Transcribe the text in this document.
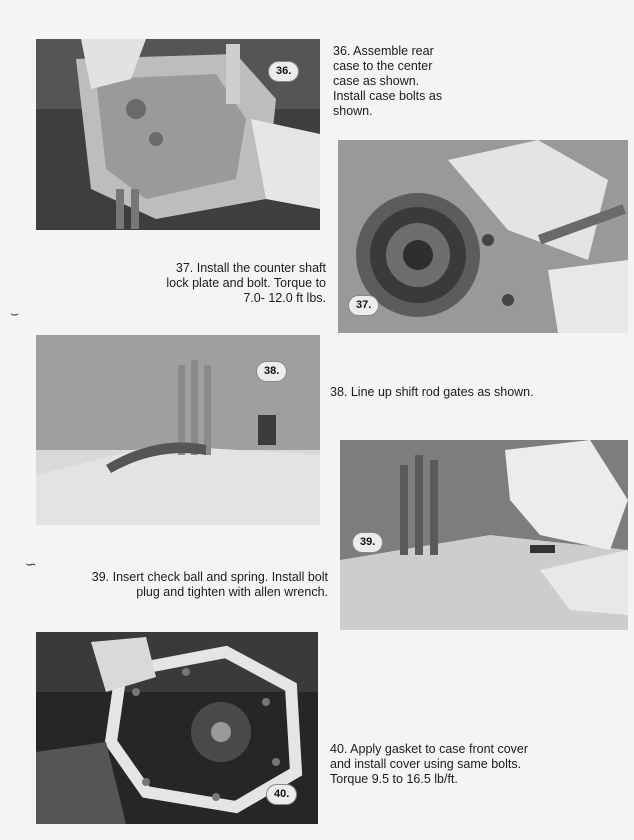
36.
36. Assemble rear
case to the center
case as shown.
Install case bolts as
shown.
37.
37. Install the counter shaft
lock plate and bolt. Torque to
7.0- 12.0 ft lbs.
38.
38. Line up shift rod gates as shown.
39.
39. Insert check ball and spring. Install bolt
plug and tighten with allen wrench.
40.
40. Apply gasket to case front cover
and install cover using same bolts.
Torque 9.5 to 16.5 lb/ft.
⌣
∽
